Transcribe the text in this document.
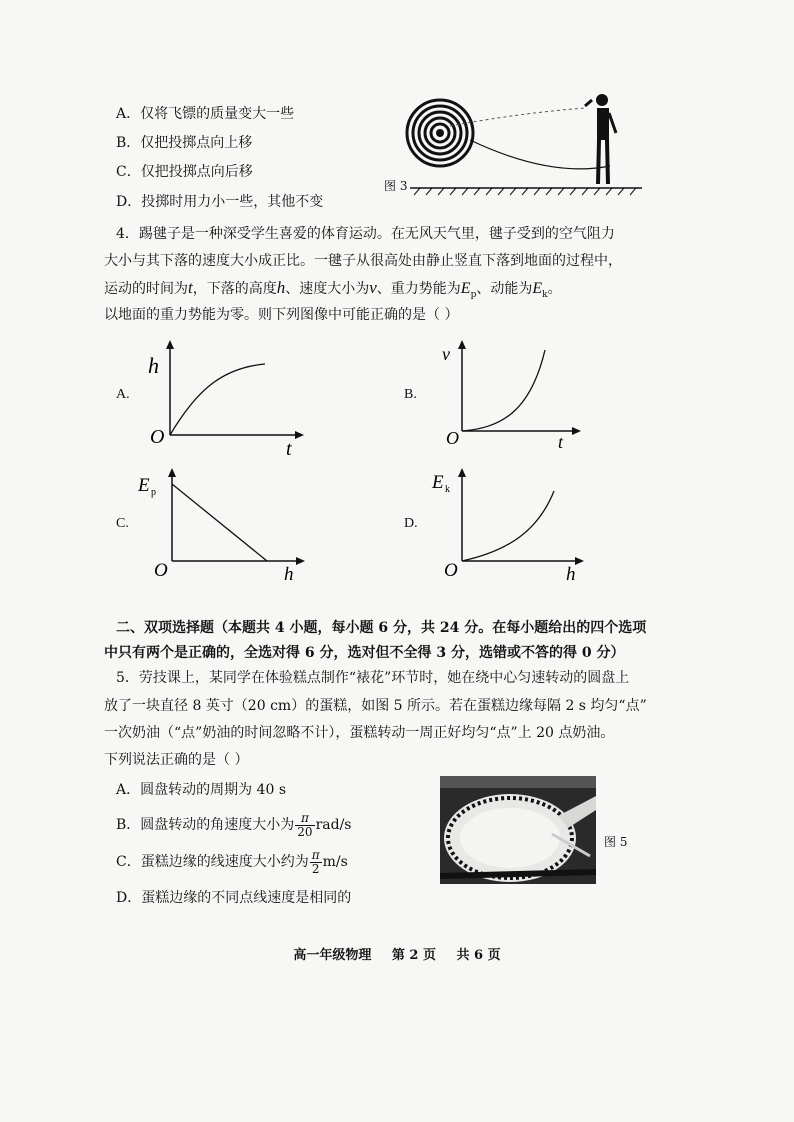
A．仅将飞镖的质量变大一些
B．仅把投掷点向上移
C．仅把投掷点向后移
D．投掷时用力小一些，其他不变
图 3
4．踢毽子是一种深受学生喜爱的体育运动。在无风天气里，毽子受到的空气阻力
大小与其下落的速度大小成正比。一毽子从很高处由静止竖直下落到地面的过程中，
运动的时间为t，下落的高度h、速度大小为v、重力势能为$E_p$、动能为$E_k$。
以地面的重力势能为零。则下列图像中可能正确的是（ ）
A.
h
t
O
B.
v
t
O
C.
E p
h
O
D.
E k
h
O
二、双项选择题（本题共 4 小题，每小题 6 分，共 24 分。在每小题给出的四个选项
中只有两个是正确的，全选对得 6 分，选对但不全得 3 分，选错或不答的得 0 分）
5．劳技课上，某同学在体验糕点制作“裱花”环节时，她在绕中心匀速转动的圆盘上
放了一块直径 8 英寸（20 cm）的蛋糕，如图 5 所示。若在蛋糕边缘每隔 2 s 均匀“点”
一次奶油（“点”奶油的时间忽略不计），蛋糕转动一周正好均匀“点”上 20 点奶油。
下列说法正确的是（ ）
A．圆盘转动的周期为 40 s
B．圆盘转动的角速度大小为 $\frac{\pi}{20} rad/s$
C．蛋糕边缘的线速度大小约为 $\frac{\pi}{2} m/s$
D．蛋糕边缘的不同点线速度是相同的
图 5
高一年级物理 第 2 页 共 6 页
